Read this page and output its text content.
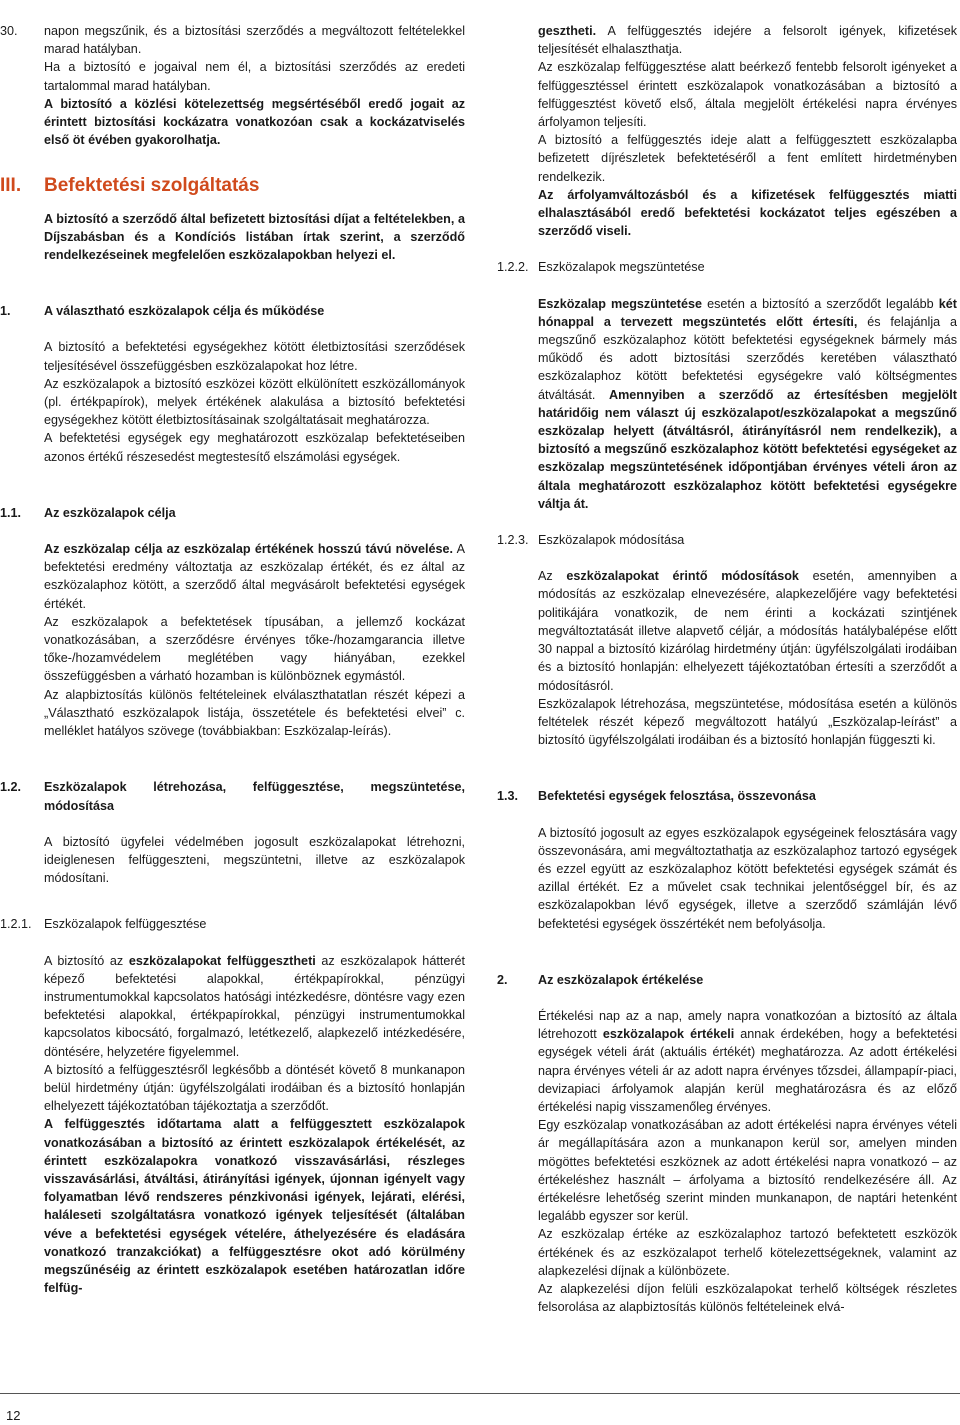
30.	napon megszűnik, és a biztosítási szerződés a megváltozott feltételekkel marad hatályban.

Ha a biztosító e jogaival nem él, a biztosítási szerződés az eredeti tartalommal marad hatályban.

A biztosító a közlési kötelezettség megsértéséből eredő jogait az érintett biztosítási kockázatra vonatkozóan csak a kockázatviselés első öt évében gyakorolhatja.

III.	Befektetési szolgáltatás

A biztosító a szerződő által befizetett biztosítási díjat a feltételekben, a Díjszabásban és a Kondíciós listában írtak szerint, a szerződő rendelkezéseinek megfelelően eszközalapokban helyezi el.

1.	A választható eszközalapok célja és működése

A biztosító a befektetési egységekhez kötött életbiztosítási szerződések teljesítésével összefüggésben eszközalapokat hoz létre.

Az eszközalapok a biztosító eszközei között elkülönített eszközállományok (pl. értékpapírok), melyek értékének alakulása a biztosító befektetési egységekhez kötött életbiztosításainak szolgáltatásait meghatározza.

A befektetési egységek egy meghatározott eszközalap befektetéseiben azonos értékű részesedést megtestesítő elszámolási egységek.

1.1.	Az eszközalapok célja

Az eszközalap célja az eszközalap értékének hosszú távú növelése. A befektetési eredmény változtatja az eszközalap értékét, és ez által az eszközalaphoz kötött, a szerződő által megvásárolt befektetési egységek értékét.

Az eszközalapok a befektetések típusában, a jellemző kockázat vonatkozásában, a szerződésre érvényes tőke-/hozamgarancia illetve tőke-/hozamvédelem meglétében vagy hiányában, ezekkel összefüggésben a várható hozamban is különböznek egymástól.

Az alapbiztosítás különös feltételeinek elválaszthatatlan részét képezi a „Választható eszközalapok listája, összetétele és befektetési elvei” c. melléklet hatályos szövege (továbbiakban: Eszközalap-leírás).

1.2.	Eszközalapok létrehozása, felfüggesztése, megszüntetése, módosítása

A biztosító ügyfelei védelmében jogosult eszközalapokat létrehozni, ideiglenesen felfüggeszteni, megszüntetni, illetve az eszközalapok módosítani.

1.2.1. Eszközalapok felfüggesztése

A biztosító az eszközalapokat felfüggesztheti az eszközalapok hátterét képező befektetési alapokkal, értékpapírokkal, pénzügyi instrumentumokkal kapcsolatos hatósági intézkedésre, döntésre vagy ezen befektetési alapokkal, értékpapírokkal, pénzügyi instrumentumokkal kapcsolatos kibocsátó, forgalmazó, letétkezelő, alapkezelő intézkedésére, döntésére, helyzetére figyelemmel.

A biztosító a felfüggesztésről legkésőbb a döntését követő 8 munkanapon belül hirdetmény útján: ügyfélszolgálati irodáiban és a biztosító honlapján elhelyezett tájékoztatóban tájékoztatja a szerződőt.

A felfüggesztés időtartama alatt a felfüggesztett eszközalapok vonatkozásában a biztosító az érintett eszközalapok értékelését, az érintett eszközalapokra vonatkozó visszavásárlási, részleges visszavásárlási, átváltási, átirányítási igények, újonnan igényelt vagy folyamatban lévő rendszeres pénzkivonási igények, lejárati, elérési, haláleseti szolgáltatásra vonatkozó igények teljesítését (általában véve a befektetési egységek vételére, áthelyezésére és eladására vonatkozó tranzakciókat) a felfüggesztésre okot adó körülmény megszűnéséig az érintett eszközalapok esetében határozatlan időre felfüg-

gesztheti. A felfüggesztés idejére a felsorolt igények, kifizetések teljesítését elhalaszthatja.

Az eszközalap felfüggesztése alatt beérkező fentebb felsorolt igényeket a felfüggesztéssel érintett eszközalapok vonatkozásában a biztosító a felfüggesztést követő első, általa megjelölt értékelési napra érvényes árfolyamon teljesíti.

A biztosító a felfüggesztés ideje alatt a felfüggesztett eszközalapba befizetett díjrészletek befektetéséről a fent említett hirdetményben rendelkezik.

Az árfolyamváltozásból és a kifizetések felfüggesztés miatti elhalasztásából eredő befektetési kockázatot teljes egészében a szerződő viseli.

1.2.2. Eszközalapok megszüntetése

Eszközalap megszüntetése esetén a biztosító a szerződőt legalább két hónappal a tervezett megszüntetés előtt értesíti, és felajánlja a megszűnő eszközalaphoz kötött befektetési egységeknek bármely más működő és adott biztosítási szerződés keretében választható eszközalaphoz kötött befektetési egységekre való költségmentes átváltását. Amennyiben a szerződő az értesítésben megjelölt határidőig nem választ új eszközalapot/eszközalapokat a megszűnő eszközalap helyett (átváltásról, átirányításról nem rendelkezik), a biztosító a megszűnő eszközalaphoz kötött befektetési egységeket az eszközalap megszüntetésének időpontjában érvényes vételi áron az általa meghatározott eszközalaphoz kötött befektetési egységekre váltja át.

1.2.3. Eszközalapok módosítása

Az eszközalapokat érintő módosítások esetén, amennyiben a módosítás az eszközalap elnevezésére, alapkezelőjére vagy befektetési politikájára vonatkozik, de nem érinti a kockázati szintjének megváltoztatását illetve alapvető céljár, a módosítás hatálybalépése előtt 30 nappal a biztosító kizárólag hirdetmény útján: ügyfélszolgálati irodáiban és a biztosító honlapján: elhelyezett tájékoztatóban értesíti a szerződőt a módosításról.

Eszközalapok létrehozása, megszüntetése, módosítása esetén a különös feltételek részét képező megváltozott hatályú „Eszközalap-leírást” a biztosító ügyfélszolgálati irodáiban és a biztosító honlapján függeszti ki.

1.3.	Befektetési egységek felosztása, összevonása

A biztosító jogosult az egyes eszközalapok egységeinek felosztására vagy összevonására, ami megváltoztathatja az eszközalaphoz tartozó egységek és ezzel együtt az eszközalaphoz kötött befektetési egységek számát és azillal értékét. Ez a művelet csak technikai jelentőséggel bír, és az eszközalapokban lévő egységek, illetve a szerződő számláján lévő befektetési egységek összértékét nem befolyásolja.

2.	Az eszközalapok értékelése

Értékelési nap az a nap, amely napra vonatkozóan a biztosító az általa létrehozott eszközalapok értékeli annak érdekében, hogy a befektetési egységek vételi árát (aktuális értékét) meghatározza. Az adott értékelési napra érvényes vételi ár az adott napra érvényes tőzsdei, állampapír-piaci, devizapiaci árfolyamok alapján kerül meghatározásra és az előző értékelési napig visszamenőleg érvényes.

Egy eszközalap vonatkozásában az adott értékelési napra érvényes vételi ár megállapítására azon a munkanapon kerül sor, amelyen minden mögöttes befektetési eszköznek az adott értékelési napra vonatkozó – az értékeléshez használt – árfolyama a biztosító rendelkezésére áll. Az értékelésre lehetőség szerint minden munkanapon, de naptári hetenként legalább egyszer sor kerül.

Az eszközalap értéke az eszközalaphoz tartozó befektetett eszközök értékének és az eszközalapot terhelő kötelezettségeknek, valamint az alapkezelési díjnak a különbözete.

Az alapkezelési díjon felüli eszközalapokat terhelő költségek részletes felsorolása az alapbiztosítás különös feltételeinek elvá-

12
